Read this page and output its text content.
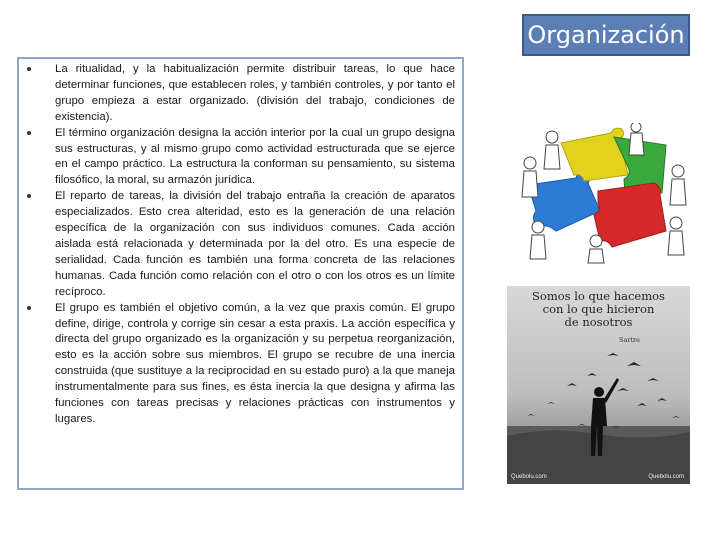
Organización
La ritualidad, y la habitualización permite distribuir tareas, lo que hace determinar funciones, que establecen roles, y también controles, y por tanto el grupo empieza a estar organizado. (división del trabajo, condiciones de existencia).
El término organización designa la acción interior por la cual un grupo designa sus estructuras, y al mismo grupo como actividad estructurada que se ejerce en el campo práctico. La estructura la conforman su pensamiento, su sistema filosófico, la moral, su armazón jurídica.
El reparto de tareas, la división del trabajo entraña la creación de aparatos especializados. Esto crea alteridad, esto es la generación de una relación específica de la organización con sus individuos comunes. Cada acción aislada está relacionada y determinada por la del otro. Es una especie de serialidad. Cada función es también una forma concreta de las relaciones humanas. Cada función como relación con el otro o con los otros es un límite recíproco.
El grupo es también el objetivo común, a la vez que praxis común. El grupo define, dirige, controla y corrige sin cesar a esta praxis. La acción específica y directa del grupo organizado es la organización y su perpetua reorganización, esto es la acción sobre sus miembros. El grupo se recubre de una inercia construida (que sustituye a la reciprocidad en su estado puro) a la que maneja instrumentalmente para sus fines, es ésta inercia la que designa y afirma las funciones con tareas precisas y relaciones prácticas con instrumentos y lugares.
Somos lo que hacemos
con lo que hicieron
de nosotros
Sartre
Quebolu.com	Quebolu.com
